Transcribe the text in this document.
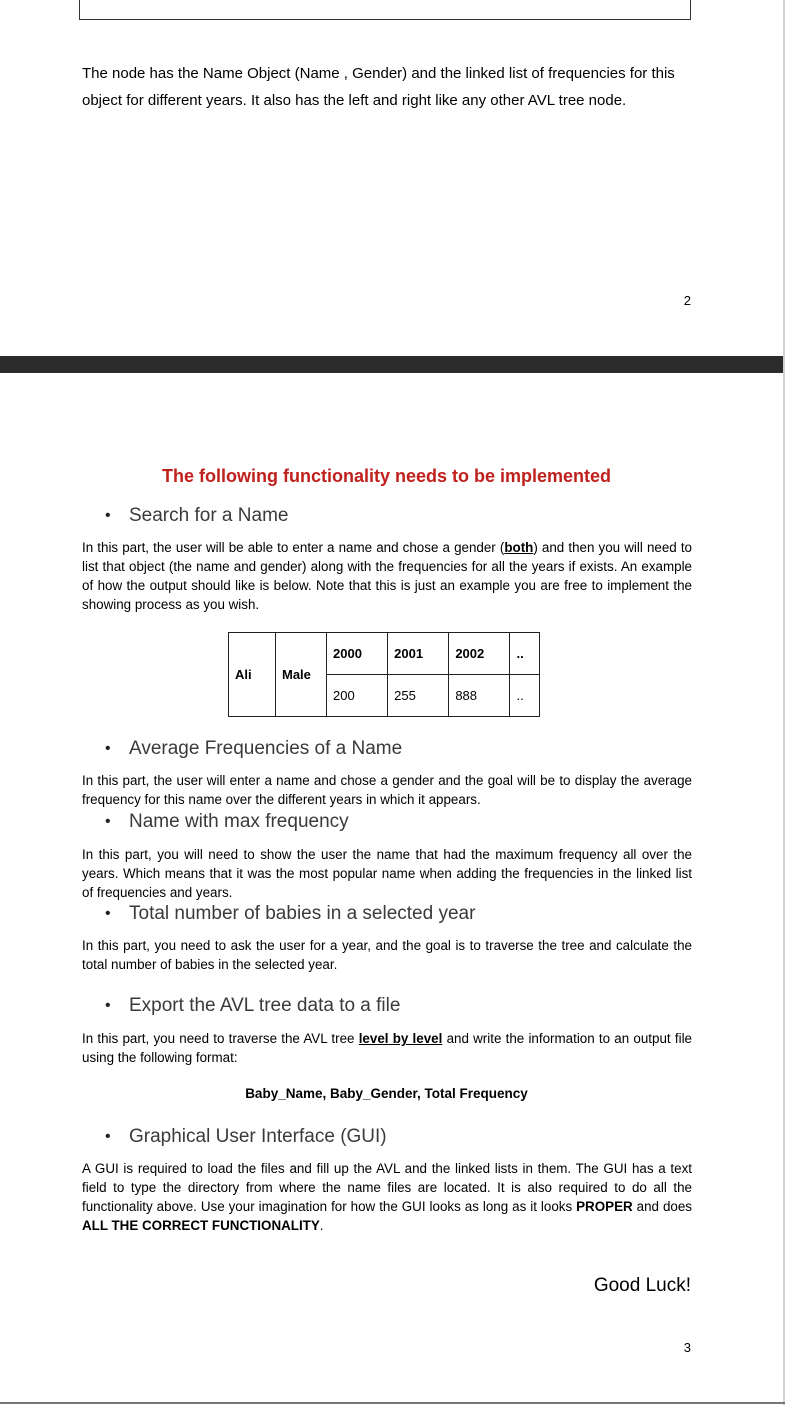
The node has the Name Object (Name , Gender) and the linked list of frequencies for this
object for different years. It also has the left and right like any other AVL tree node.

2
The following functionality needs to be implemented
• Search for a Name

In this part, the user will be able to enter a name and chose a gender (both) and then you will need to list that object (the name and gender) along with the frequencies for all the years if exists. An example of how the output should like is below. Note that this is just an example you are free to implement the showing process as you wish.

Ali	Male	2000	2001	2002	..
		200	255	888	..
• Average Frequencies of a Name

In this part, the user will enter a name and chose a gender and the goal will be to display the average frequency for this name over the different years in which it appears.

• Name with max frequency

In this part, you will need to show the user the name that had the maximum frequency all over the years. Which means that it was the most popular name when adding the frequencies in the linked list of frequencies and years.

• Total number of babies in a selected year

In this part, you need to ask the user for a year, and the goal is to traverse the tree and calculate the total number of babies in the selected year.

• Export the AVL tree data to a file

In this part, you need to traverse the AVL tree level by level and write the information to an output file using the following format:

Baby_Name, Baby_Gender, Total Frequency

• Graphical User Interface (GUI)

A GUI is required to load the files and fill up the AVL and the linked lists in them. The GUI has a text field to type the directory from where the name files are located. It is also required to do all the functionality above. Use your imagination for how the GUI looks as long as it looks PROPER and does ALL THE CORRECT FUNCTIONALITY.

Good Luck!

3
